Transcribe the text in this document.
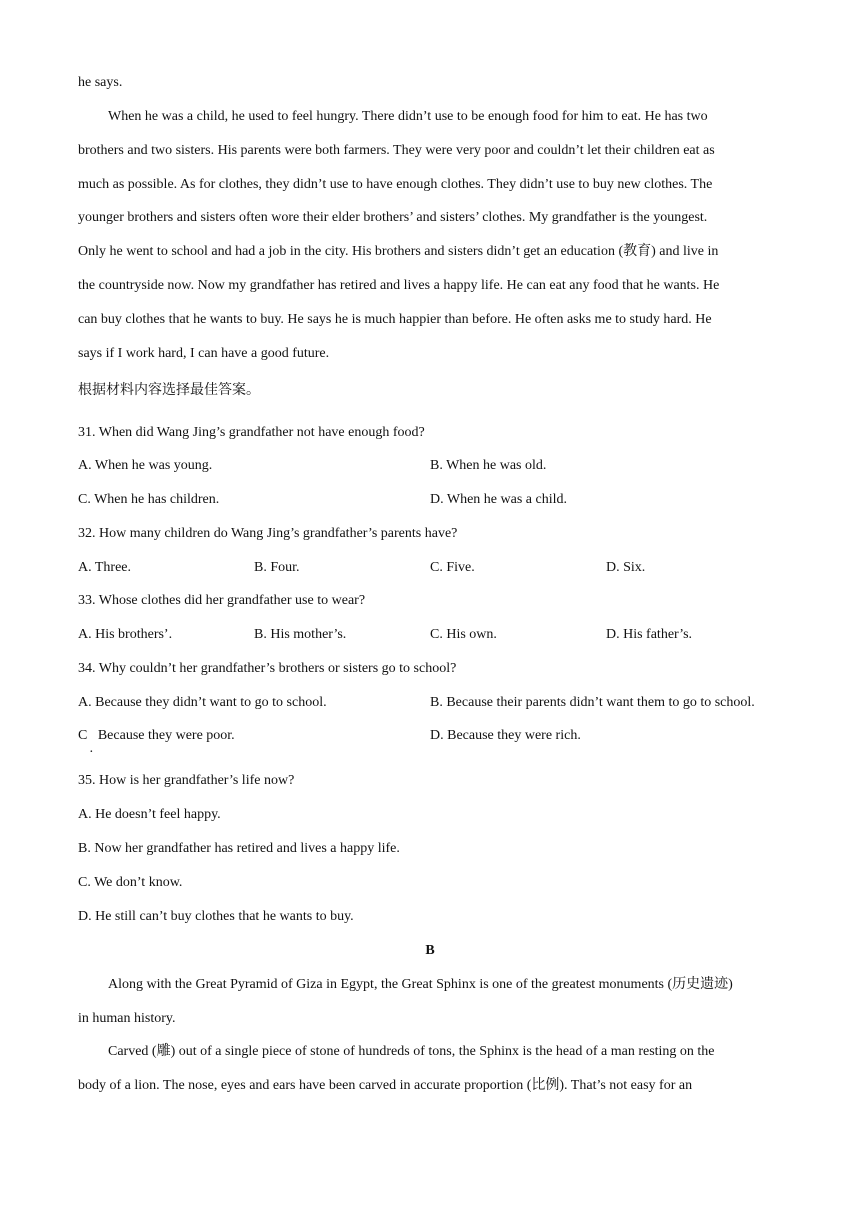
he says.
When he was a child, he used to feel hungry. There didn’t use to be enough food for him to eat. He has two
brothers and two sisters. His parents were both farmers. They were very poor and couldn’t let their children eat as
much as possible. As for clothes, they didn’t use to have enough clothes. They didn’t use to buy new clothes. The
younger brothers and sisters often wore their elder brothers’ and sisters’ clothes. My grandfather is the youngest.
Only he went to school and had a job in the city. His brothers and sisters didn’t get an education (教育) and live in
the countryside now. Now my grandfather has retired and lives a happy life. He can eat any food that he wants. He
can buy clothes that he wants to buy. He says he is much happier than before. He often asks me to study hard. He
says if I work hard, I can have a good future.
根据材料内容选择最佳答案。
31. When did Wang Jing’s grandfather not have enough food?
A. When he was young.	B. When he was old.
C. When he has children.	D. When he was a child.
32. How many children do Wang Jing’s grandfather’s parents have?
A. Three.	B. Four.	C. Five.	D. Six.
33. Whose clothes did her grandfather use to wear?
A. His brothers’.	B. His mother’s.	C. His own.	D. His father’s.
34. Why couldn’t her grandfather’s brothers or sisters go to school?
A. Because they didn’t want to go to school.	B. Because their parents didn’t want them to go to school.
C   Because they were poor.	D. Because they were rich.
·
35. How is her grandfather’s life now?
A. He doesn’t feel happy.
B. Now her grandfather has retired and lives a happy life.
C. We don’t know.
D. He still can’t buy clothes that he wants to buy.
B
Along with the Great Pyramid of Giza in Egypt, the Great Sphinx is one of the greatest monuments (历史遗迹)
in human history.
Carved (雕) out of a single piece of stone of hundreds of tons, the Sphinx is the head of a man resting on the
body of a lion. The nose, eyes and ears have been carved in accurate proportion (比例). That’s not easy for an
